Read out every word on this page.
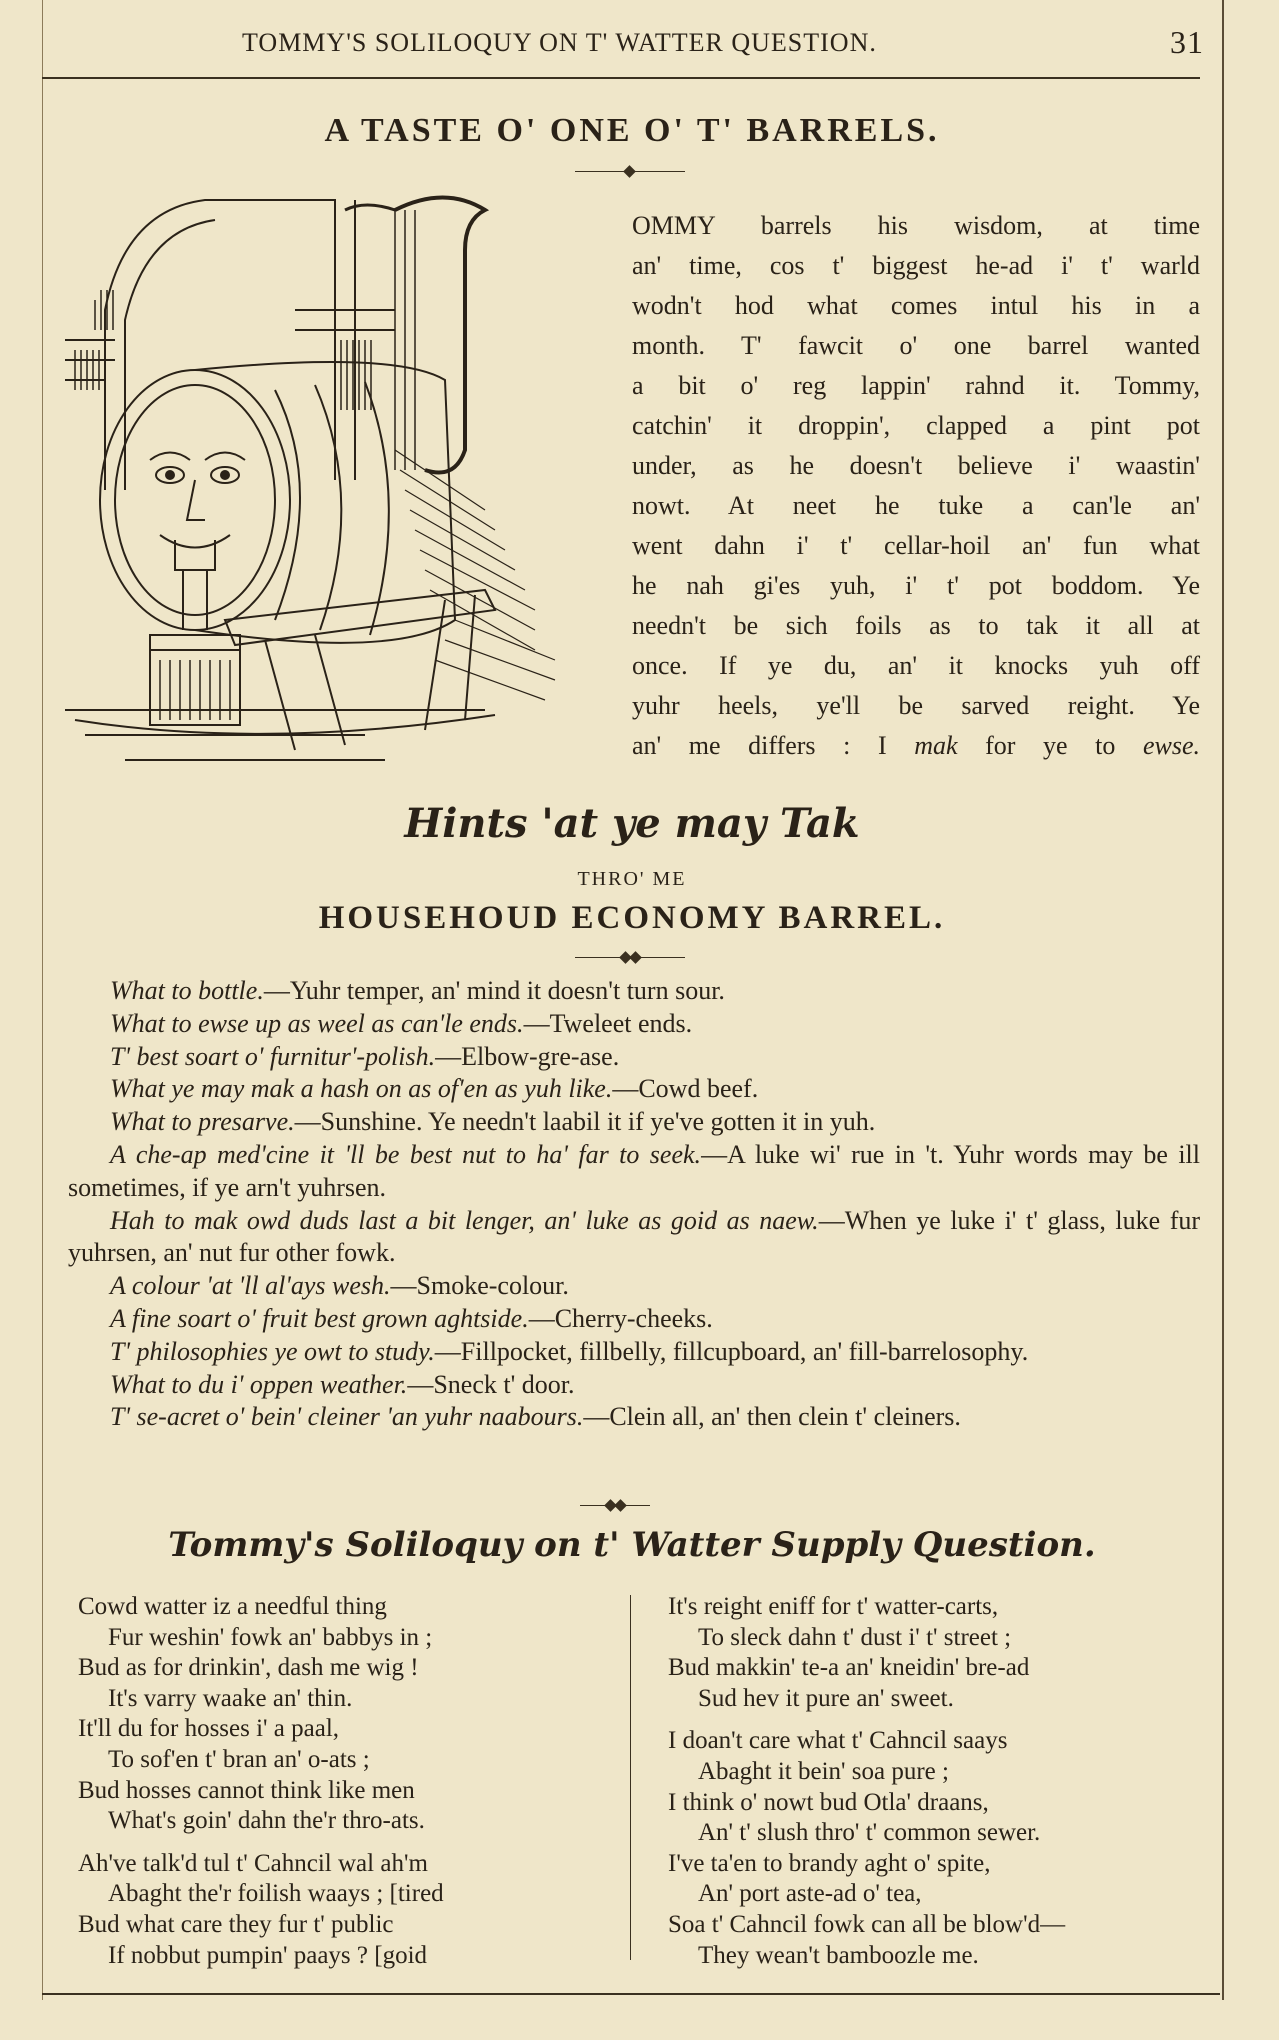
TOMMY'S SOLILOQUY ON T' WATTER QUESTION.	31
A TASTE O' ONE O' T' BARRELS.
OMMY barrels his wisdom, at time
an' time, cos t' biggest he-ad i' t' warld
wodn't hod what comes intul his in a
month. T' fawcit o' one barrel wanted
a bit o' reg lappin' rahnd it. Tommy,
catchin' it droppin', clapped a pint pot
under, as he doesn't believe i' waastin'
nowt. At neet he tuke a can'le an'
went dahn i' t' cellar-hoil an' fun what
he nah gi'es yuh, i' t' pot boddom. Ye
needn't be sich foils as to tak it all at
once. If ye du, an' it knocks yuh off
yuhr heels, ye'll be sarved reight. Ye
an' me differs : I mak for ye to ewse.
Hints 'at ye may Tak
THRO' ME
HOUSEHOUD ECONOMY BARREL.
What to bottle.—Yuhr temper, an' mind it doesn't turn sour.
What to ewse up as weel as can'le ends.—Tweleet ends.
T' best soart o' furnitur'-polish.—Elbow-gre-ase.
What ye may mak a hash on as of'en as yuh like.—Cowd beef.
What to presarve.—Sunshine. Ye needn't laabil it if ye've gotten it in yuh.
A che-ap med'cine it 'll be best nut to ha' far to seek.—A luke wi' rue in 't. Yuhr words may be ill sometimes, if ye arn't yuhrsen.
Hah to mak owd duds last a bit lenger, an' luke as goid as naew.—When ye luke i' t' glass, luke fur yuhrsen, an' nut fur other fowk.
A colour 'at 'll al'ays wesh.—Smoke-colour.
A fine soart o' fruit best grown aghtside.—Cherry-cheeks.
T' philosophies ye owt to study.—Fillpocket, fillbelly, fillcupboard, an' fill-barrelosophy.
What to du i' oppen weather.—Sneck t' door.
T' se-acret o' bein' cleiner 'an yuhr naabours.—Clein all, an' then clein t' cleiners.
Tommy's Soliloquy on t' Watter Supply Question.
Cowd watter iz a needful thing
Fur weshin' fowk an' babbys in ;
Bud as for drinkin', dash me wig !
It's varry waake an' thin.
It'll du for hosses i' a paal,
To sof'en t' bran an' o-ats ;
Bud hosses cannot think like men
What's goin' dahn the'r thro-ats.
Ah've talk'd tul t' Cahncil wal ah'm
Abaght the'r foilish waays ; [tired
Bud what care they fur t' public
If nobbut pumpin' paays ? [goid
It's reight eniff for t' watter-carts,
To sleck dahn t' dust i' t' street ;
Bud makkin' te-a an' kneidin' bre-ad
Sud hev it pure an' sweet.
I doan't care what t' Cahncil saays
Abaght it bein' soa pure ;
I think o' nowt bud Otla' draans,
An' t' slush thro' t' common sewer.
I've ta'en to brandy aght o' spite,
An' port aste-ad o' tea,
Soa t' Cahncil fowk can all be blow'd—
They wean't bamboozle me.
